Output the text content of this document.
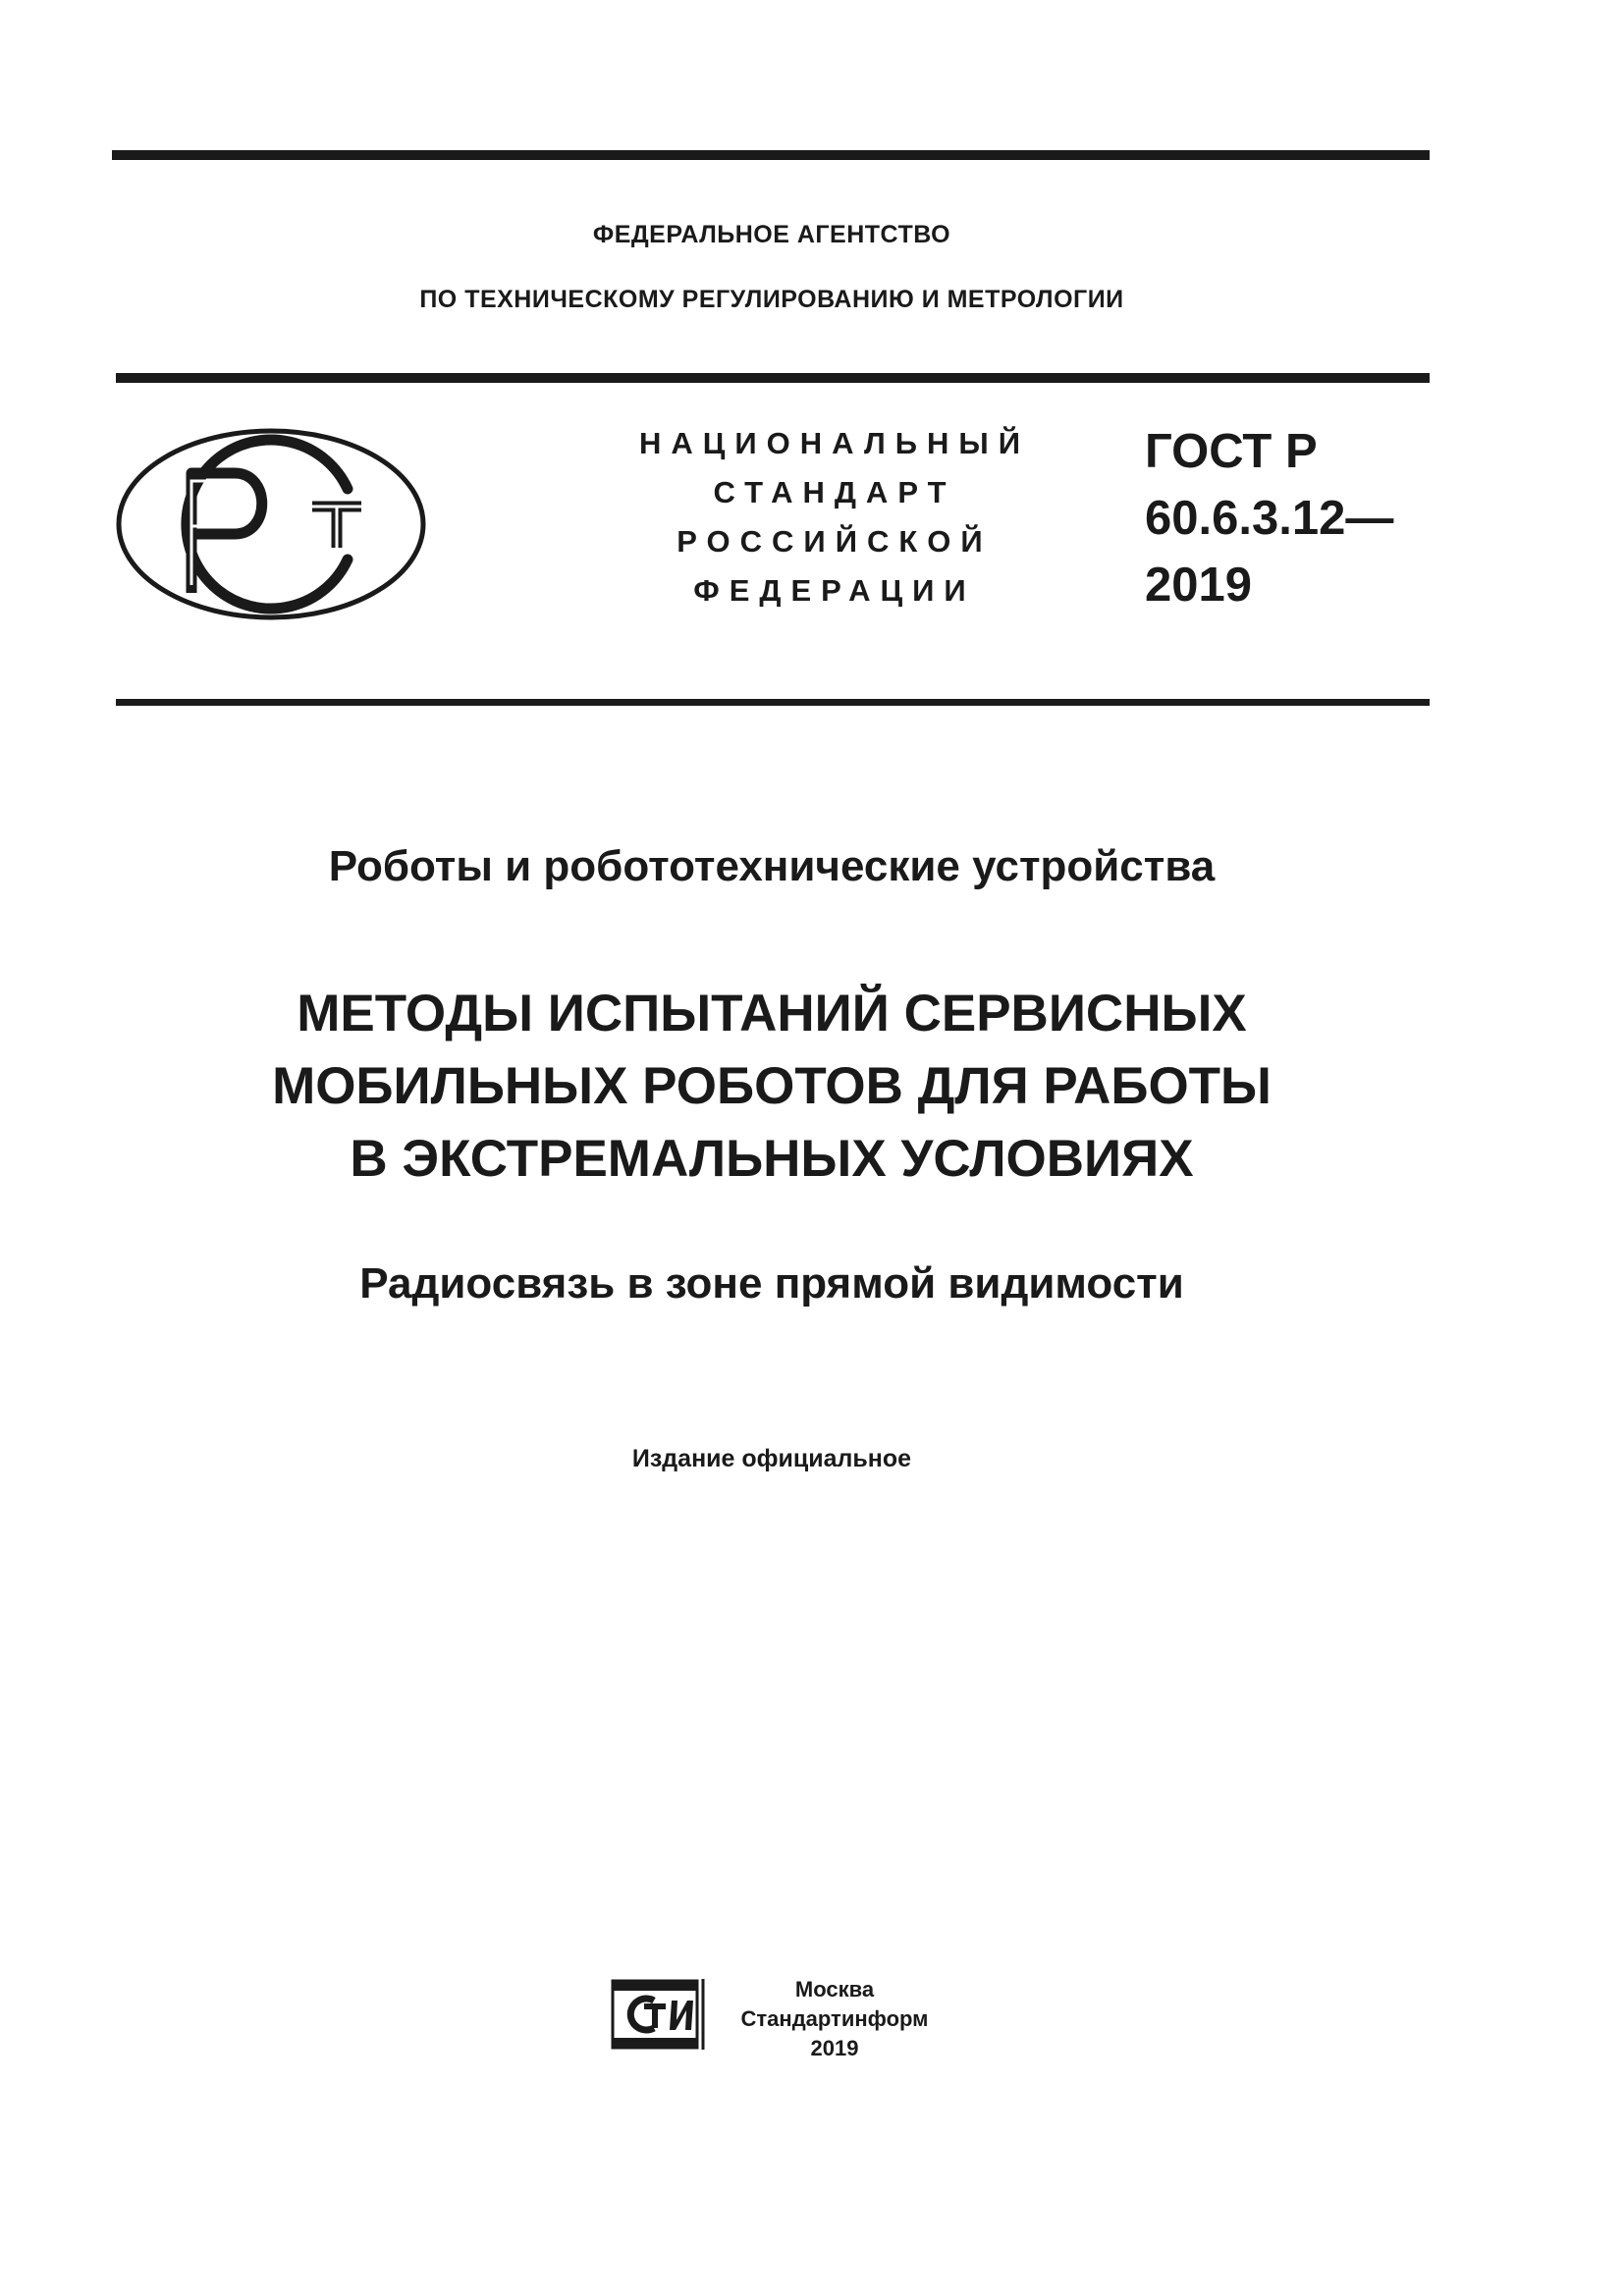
ФЕДЕРАЛЬНОЕ АГЕНТСТВО
ПО ТЕХНИЧЕСКОМУ РЕГУЛИРОВАНИЮ И МЕТРОЛОГИИ
НАЦИОНАЛЬНЫЙ
СТАНДАРТ
РОССИЙСКОЙ
ФЕДЕРАЦИИ
ГОСТ Р
60.6.3.12—
2019
Роботы и робототехнические устройства
МЕТОДЫ ИСПЫТАНИЙ СЕРВИСНЫХ
МОБИЛЬНЫХ РОБОТОВ ДЛЯ РАБОТЫ
В ЭКСТРЕМАЛЬНЫХ УСЛОВИЯХ
Радиосвязь в зоне прямой видимости
Издание официальное
Москва
Стандартинформ
2019
